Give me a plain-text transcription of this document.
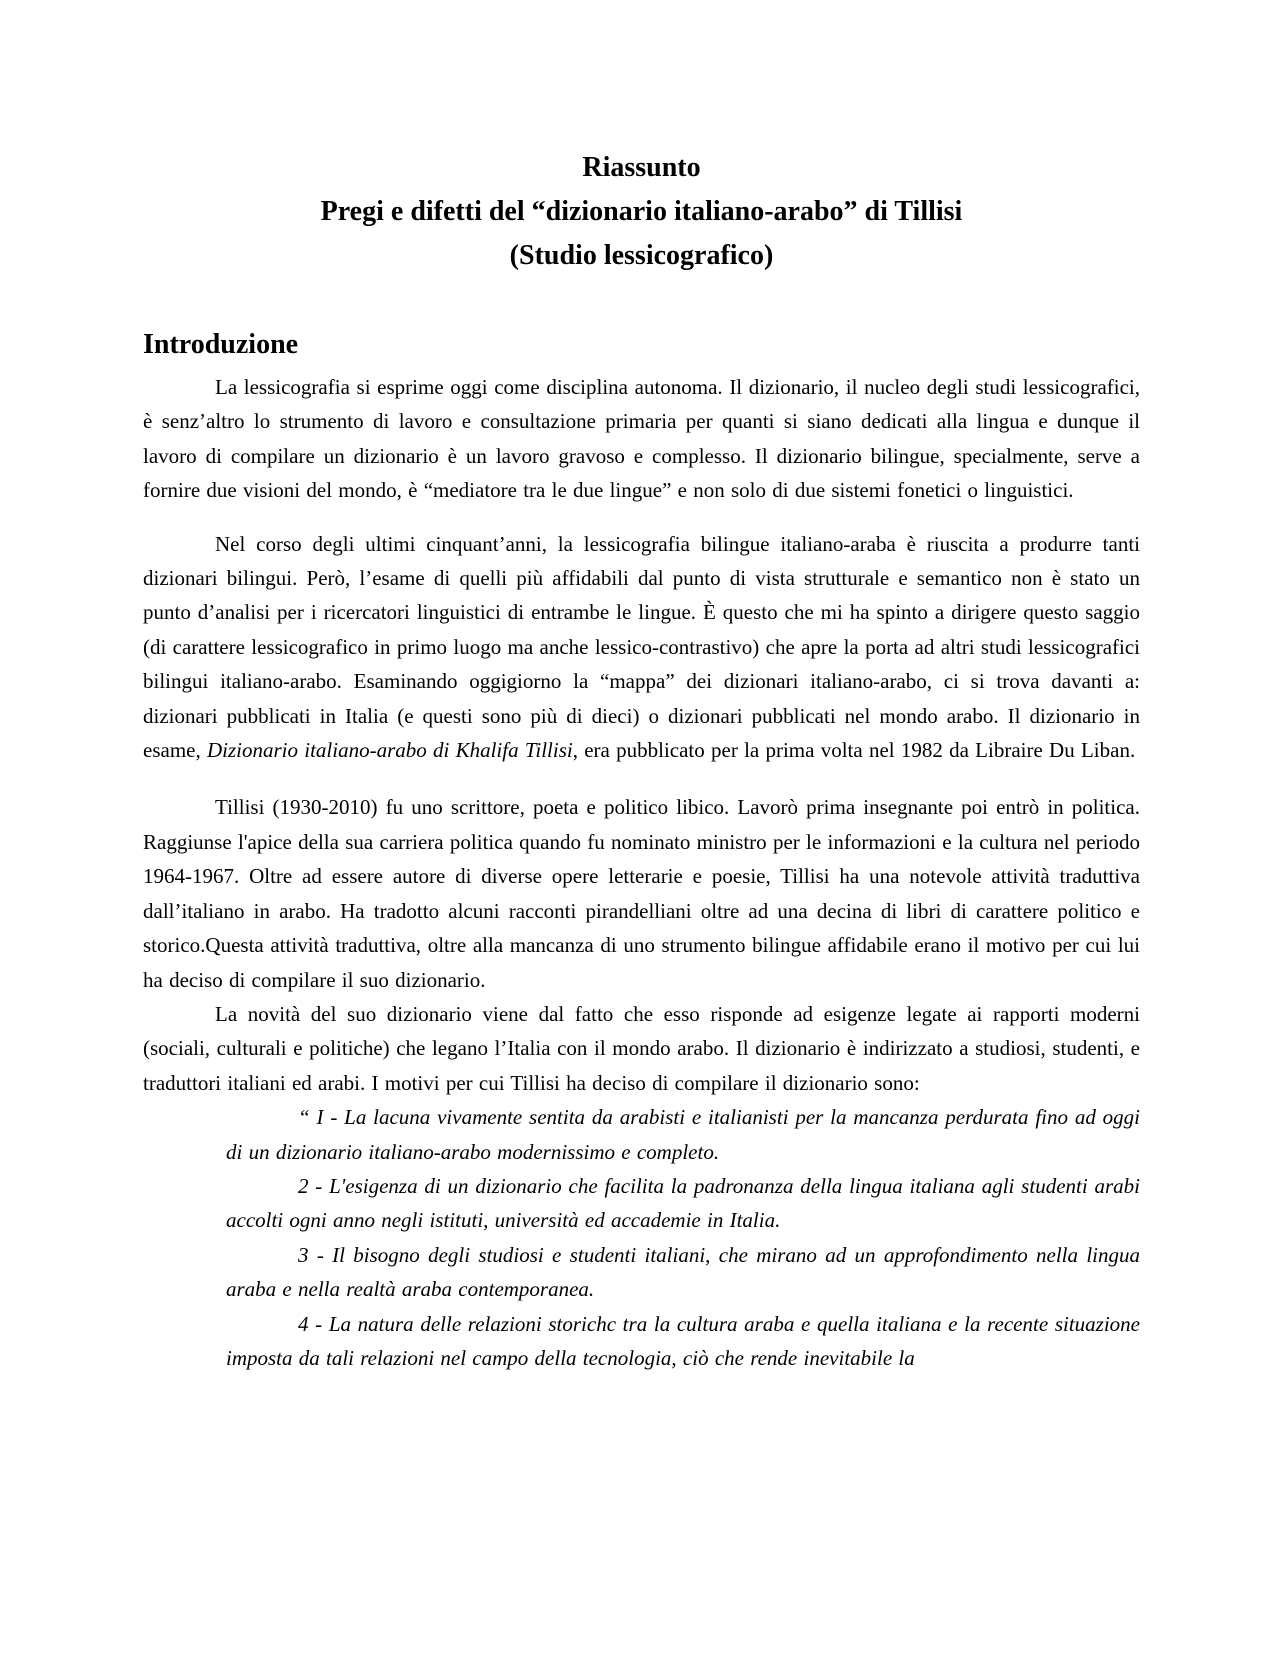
Riassunto
Pregi e difetti del “dizionario italiano-arabo” di Tillisi
(Studio lessicografico)
Introduzione

La lessicografia si esprime oggi come disciplina autonoma. Il dizionario, il nucleo degli studi lessicografici, è senz’altro lo strumento di lavoro e consultazione primaria per quanti si siano dedicati alla lingua e dunque il lavoro di compilare un dizionario è un lavoro gravoso e complesso. Il dizionario bilingue, specialmente, serve a fornire due visioni del mondo, è “mediatore tra le due lingue” e non solo di due sistemi fonetici o linguistici.

Nel corso degli ultimi cinquant’anni, la lessicografia bilingue italiano-araba è riuscita a produrre tanti dizionari bilingui. Però, l’esame di quelli più affidabili dal punto di vista strutturale e semantico non è stato un punto d’analisi per i ricercatori linguistici di entrambe le lingue. È questo che mi ha spinto a dirigere questo saggio (di carattere lessicografico in primo luogo ma anche lessico-contrastivo) che apre la porta ad altri studi lessicografici bilingui italiano-arabo. Esaminando oggigiorno la “mappa” dei dizionari italiano-arabo, ci si trova davanti a: dizionari pubblicati in Italia (e questi sono più di dieci) o dizionari pubblicati nel mondo arabo. Il dizionario in esame, Dizionario italiano-arabo di Khalifa Tillisi, era pubblicato per la prima volta nel 1982 da Libraire Du Liban.

Tillisi (1930-2010) fu uno scrittore, poeta e politico libico. Lavorò prima insegnante poi entrò in politica. Raggiunse l'apice della sua carriera politica quando fu nominato ministro per le informazioni e la cultura nel periodo 1964-1967. Oltre ad essere autore di diverse opere letterarie e poesie, Tillisi ha una notevole attività traduttiva dall’italiano in arabo. Ha tradotto alcuni racconti pirandelliani oltre ad una decina di libri di carattere politico e storico.Questa attività traduttiva, oltre alla mancanza di uno strumento bilingue affidabile erano il motivo per cui lui ha deciso di compilare il suo dizionario.

La novità del suo dizionario viene dal fatto che esso risponde ad esigenze legate ai rapporti moderni (sociali, culturali e politiche) che legano l’Italia con il mondo arabo. Il dizionario è indirizzato a studiosi, studenti, e traduttori italiani ed arabi. I motivi per cui Tillisi ha deciso di compilare il dizionario sono:

“ I - La lacuna vivamente sentita da arabisti e italianisti per la mancanza perdurata fino ad oggi di un dizionario italiano-arabo modernissimo e completo.

2 - L'esigenza di un dizionario che facilita la padronanza della lingua italiana agli studenti arabi accolti ogni anno negli istituti, università ed accademie in Italia.

3 - Il bisogno degli studiosi e studenti italiani, che mirano ad un approfondimento nella lingua araba e nella realtà araba contemporanea.

4 - La natura delle relazioni storichc tra la cultura araba e quella italiana e la recente situazione imposta da tali relazioni nel campo della tecnologia, ciò che rende inevitabile la
